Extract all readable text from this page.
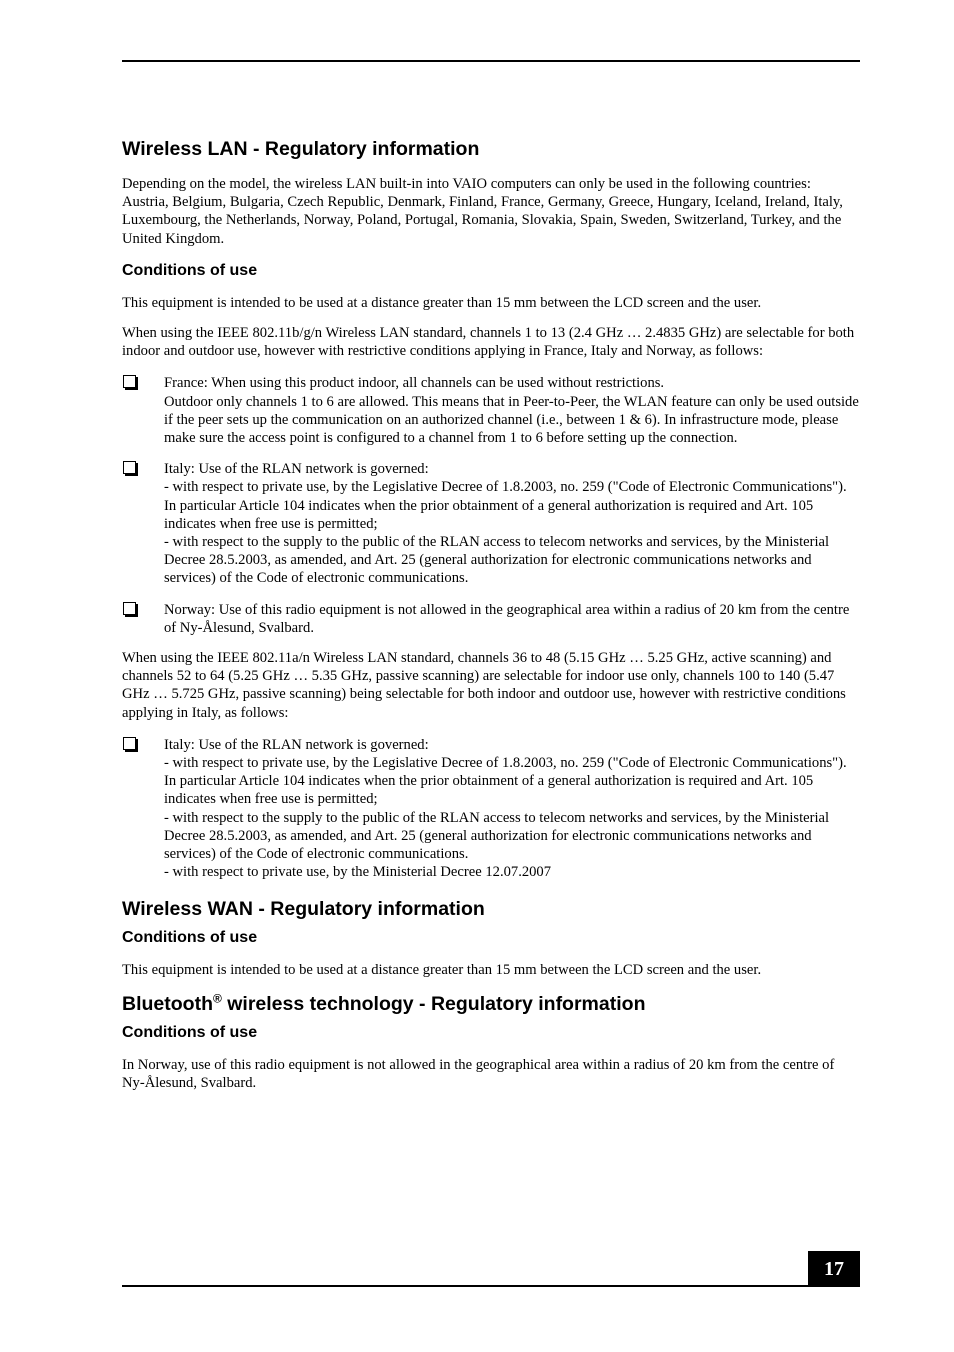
Wireless LAN - Regulatory information

Depending on the model, the wireless LAN built-in into VAIO computers can only be used in the following countries: Austria, Belgium, Bulgaria, Czech Republic, Denmark, Finland, France, Germany, Greece, Hungary, Iceland, Ireland, Italy, Luxembourg, the Netherlands, Norway, Poland, Portugal, Romania, Slovakia, Spain, Sweden, Switzerland, Turkey, and the United Kingdom.

Conditions of use

This equipment is intended to be used at a distance greater than 15 mm between the LCD screen and the user.

When using the IEEE 802.11b/g/n Wireless LAN standard, channels 1 to 13 (2.4 GHz … 2.4835 GHz) are selectable for both indoor and outdoor use, however with restrictive conditions applying in France, Italy and Norway, as follows:

France: When using this product indoor, all channels can be used without restrictions.

Outdoor only channels 1 to 6 are allowed. This means that in Peer-to-Peer, the WLAN feature can only be used outside if the peer sets up the communication on an authorized channel (i.e., between 1 & 6). In infrastructure mode, please make sure the access point is configured to a channel from 1 to 6 before setting up the connection.

Italy: Use of the RLAN network is governed:

- with respect to private use, by the Legislative Decree of 1.8.2003, no. 259 ("Code of Electronic Communications"). In particular Article 104 indicates when the prior obtainment of a general authorization is required and Art. 105 indicates when free use is permitted;

- with respect to the supply to the public of the RLAN access to telecom networks and services, by the Ministerial Decree 28.5.2003, as amended, and Art. 25 (general authorization for electronic communications networks and services) of the Code of electronic communications.

Norway: Use of this radio equipment is not allowed in the geographical area within a radius of 20 km from the centre of Ny-Ålesund, Svalbard.

When using the IEEE 802.11a/n Wireless LAN standard, channels 36 to 48 (5.15 GHz … 5.25 GHz, active scanning) and channels 52 to 64 (5.25 GHz … 5.35 GHz, passive scanning) are selectable for indoor use only, channels 100 to 140 (5.47 GHz … 5.725 GHz, passive scanning) being selectable for both indoor and outdoor use, however with restrictive conditions applying in Italy, as follows:

Italy: Use of the RLAN network is governed:

- with respect to private use, by the Legislative Decree of 1.8.2003, no. 259 ("Code of Electronic Communications"). In particular Article 104 indicates when the prior obtainment of a general authorization is required and Art. 105 indicates when free use is permitted;

- with respect to the supply to the public of the RLAN access to telecom networks and services, by the Ministerial Decree 28.5.2003, as amended, and Art. 25 (general authorization for electronic communications networks and services) of the Code of electronic communications.

- with respect to private use, by the Ministerial Decree 12.07.2007

Wireless WAN - Regulatory information
Conditions of use

This equipment is intended to be used at a distance greater than 15 mm between the LCD screen and the user.

Bluetooth® wireless technology - Regulatory information
Conditions of use

In Norway, use of this radio equipment is not allowed in the geographical area within a radius of 20 km from the centre of Ny-Ålesund, Svalbard.

17
